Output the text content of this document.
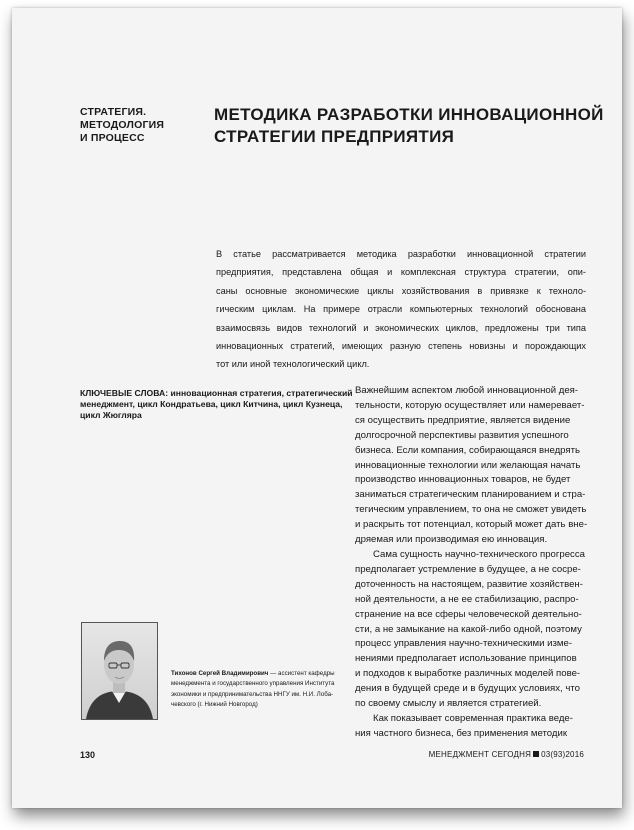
СТРАТЕГИЯ.
МЕТОДОЛОГИЯ
И ПРОЦЕСС
МЕТОДИКА РАЗРАБОТКИ ИННОВАЦИОННОЙ
СТРАТЕГИИ ПРЕДПРИЯТИЯ
В статье рассматривается методика разработки инновационной стратегии
предприятия, представлена общая и комплексная структура стратегии, опи-
саны основные экономические циклы хозяйствования в привязке к техноло-
гическим циклам. На примере отрасли компьютерных технологий обоснована
взаимосвязь видов технологий и экономических циклов, предложены три типа
инновационных стратегий, имеющих разную степень новизны и порождающих
тот или иной технологический цикл.
КЛЮЧЕВЫЕ СЛОВА: инновационная стратегия, стратегический
менеджмент, цикл Кондратьева, цикл Китчина, цикл Кузнеца,
цикл Жюгляра
Важнейшим аспектом любой инновационной дея-
тельности, которую осуществляет или намеревает-
ся осуществить предприятие, является видение
долгосрочной перспективы развития успешного
бизнеса. Если компания, собирающаяся внедрять
инновационные технологии или желающая начать
производство инновационных товаров, не будет
заниматься стратегическим планированием и стра-
тегическим управлением, то она не сможет увидеть
и раскрыть тот потенциал, который может дать вне-
дряемая или производимая ею инновация.
Сама сущность научно-технического прогресса
предполагает устремление в будущее, а не сосре-
доточенность на настоящем, развитие хозяйствен-
ной деятельности, а не ее стабилизацию, распро-
странение на все сферы человеческой деятельно-
сти, а не замыкание на какой-либо одной, поэтому
процесс управления научно-техническими изме-
нениями предполагает использование принципов
и подходов к выработке различных моделей пове-
дения в будущей среде и в будущих условиях, что
по своему смыслу и является стратегией.
Как показывает современная практика веде-
ния частного бизнеса, без применения методик
Тихонов Сергей Владимирович — ассистент кафедры
менеджмента и государственного управления Института
экономики и предпринимательства ННГУ им. Н.И. Лоба-
чевского (г. Нижний Новгород)
130	МЕНЕДЖМЕНТ СЕГОДНЯ 03(93)2016
